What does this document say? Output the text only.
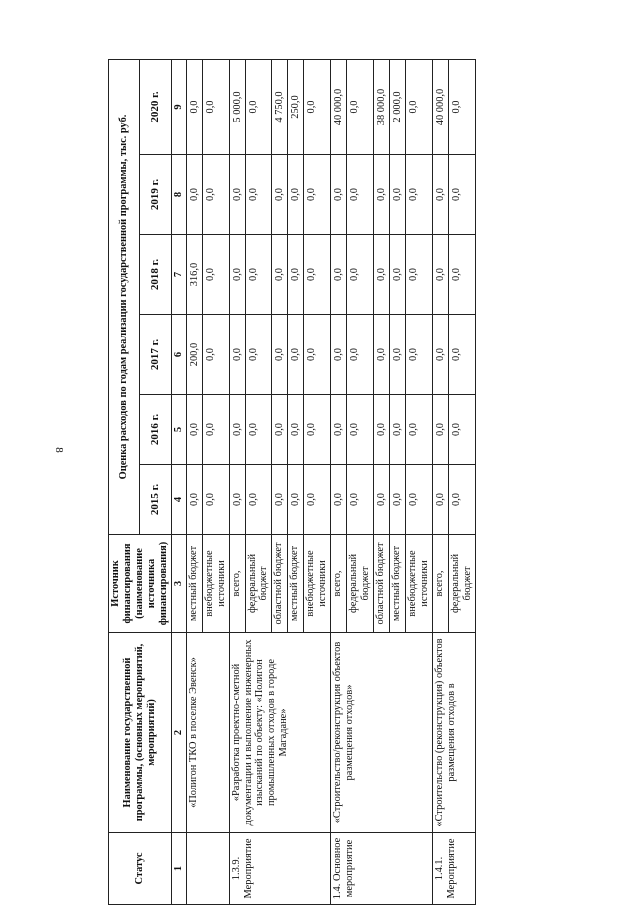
8
Статус	Наименование государственной программы, (основных мероприятий, мероприятий)	Источник финансирования (наименование источника финансирования)	Оценка расходов по годам реализации государственной программы, тыс. руб.					
			2015 г.	2016 г.	2017 г.	2018 г.	2019 г.	2020 г.
1	2	3	4	5	6	7	8	9
	«Полигон ТКО в поселке Эвенск»	местный бюджет	0,0	0,0	200,0	316,0	0,0	0,0
		внебюджетные источники	0,0	0,0	0,0	0,0	0,0	0,0
1.3.9. Мероприятие	«Разработка проектно-сметной документации и выполнение инженерных изысканий по объекту: «Полигон промышленных отходов в городе Магадане»	всего,	0,0	0,0	0,0	0,0	0,0	5 000,0
		федеральный бюджет	0,0	0,0	0,0	0,0	0,0	0,0
		областной бюджет	0,0	0,0	0,0	0,0	0,0	4 750,0
		местный бюджет	0,0	0,0	0,0	0,0	0,0	250,0
		внебюджетные источники	0,0	0,0	0,0	0,0	0,0	0,0
1.4. Основное мероприятие	«Строительство/реконструкция объектов размещения отходов»	всего,	0,0	0,0	0,0	0,0	0,0	40 000,0
		федеральный бюджет	0,0	0,0	0,0	0,0	0,0	0,0
		областной бюджет	0,0	0,0	0,0	0,0	0,0	38 000,0
		местный бюджет	0,0	0,0	0,0	0,0	0,0	2 000,0
		внебюджетные источники	0,0	0,0	0,0	0,0	0,0	0,0
1.4.1. Мероприятие	«Строительство (реконструкция) объектов размещения отходов в	всего,	0,0	0,0	0,0	0,0	0,0	40 000,0
		федеральный бюджет	0,0	0,0	0,0	0,0	0,0	0,0
